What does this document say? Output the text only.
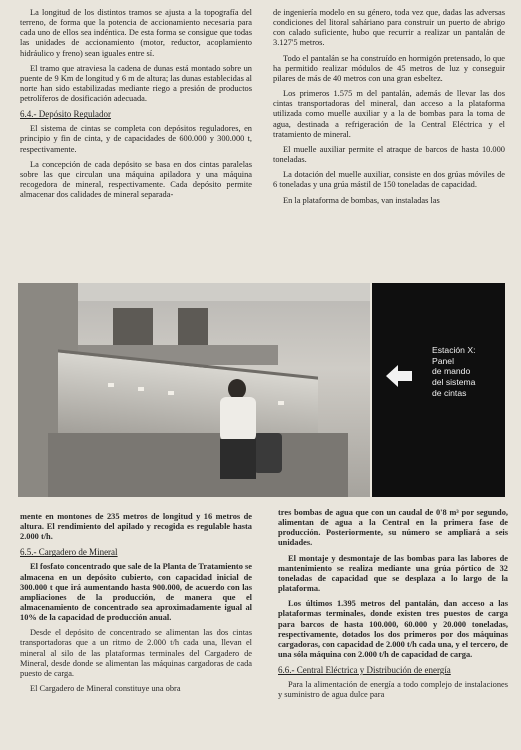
La longitud de los distintos tramos se ajusta a la topografía del terreno, de forma que la potencia de accionamiento necesaria para cada uno de ellos sea indéntica. De esta forma se consigue que todas las unidades de accionamiento (motor, reductor, acoplamiento hidráulico y freno) sean iguales entre sí.

El tramo que atraviesa la cadena de dunas está montado sobre un puente de 9 Km de longitud y 6 m de altura; las dunas establecidas al norte han sido estabilizadas mediante riego a presión de productos petrolíferos de dosificación adecuada.

6.4.- Depósito Regulador

El sistema de cintas se completa con depósitos reguladores, en principio y fin de cinta, y de capacidades de 600.000 y 300.000 t, respectivamente.

La concepción de cada depósito se basa en dos cintas paralelas sobre las que circulan una máquina apiladora y una máquina recogedora de mineral, respectivamente. Cada depósito permite almacenar dos calidades de mineral separada-

de ingeniería modelo en su género, toda vez que, dadas las adversas condiciones del litoral saháriano para construir un puerto de abrigo con calado suficiente, hubo que recurrir a realizar un pantalán de 3.127'5 metros.

Todo el pantalán se ha construído en hormigón pretensado, lo que ha permitido realizar módulos de 45 metros de luz y conseguir pilares de más de 40 metros con una gran esbeltez.

Los primeros 1.575 m del pantalán, además de llevar las dos cintas transportadoras del mineral, dan acceso a la plataforma utilizada como muelle auxiliar y a la de bombas para la toma de agua, destinada a refrigeración de la Central Eléctrica y el tratamiento de mineral.

El muelle auxiliar permite el atraque de barcos de hasta 10.000 toneladas.

La dotación del muelle auxiliar, consiste en dos grúas móviles de 6 toneladas y una grúa mástil de 150 toneladas de capacidad.

En la plataforma de bombas, van instaladas las

Estación X:
Panel
de mando
del sistema
de cintas

mente en montones de 235 metros de longitud y 16 metros de altura. El rendimiento del apilado y recogida es regulable hasta 2.000 t/h.

6.5.- Cargadero de Mineral

El fosfato concentrado que sale de la Planta de Tratamiento se almacena en un depósito cubierto, con capacidad inicial de 300.000 t que irá aumentando hasta 900.000, de acuerdo con las ampliaciones de la producción, de manera que el almacenamiento de concentrado sea aproximadamente igual al 10% de la capacidad de producción anual.

Desde el depósito de concentrado se alimentan las dos cintas transportadoras que a un ritmo de 2.000 t/h cada una, llevan el mineral al silo de las plataformas terminales del Cargadero de Mineral, desde donde se alimentan las máquinas cargadoras de cada puesto de carga.

El Cargadero de Mineral constituye una obra

tres bombas de agua que con un caudal de 0'8 m³ por segundo, alimentan de agua a la Central en la primera fase de producción. Posteriormente, su número se ampliará a seis unidades.

El montaje y desmontaje de las bombas para las labores de mantenimiento se realiza mediante una grúa pórtico de 32 toneladas de capacidad que se desplaza a lo largo de la plataforma.

Los últimos 1.395 metros del pantalán, dan acceso a las plataformas terminales, donde existen tres puestos de carga para barcos de hasta 100.000, 60.000 y 20.000 toneladas, respectivamente, dotados los dos primeros por dos máquinas cargadoras, con capacidad de 2.000 t/h cada una, y el tercero, de una sóla máquina con 2.000 t/h de capacidad de carga.

6.6.- Central Eléctrica y Distribución de energía

Para la alimentación de energía a todo complejo de instalaciones y suministro de agua dulce para
